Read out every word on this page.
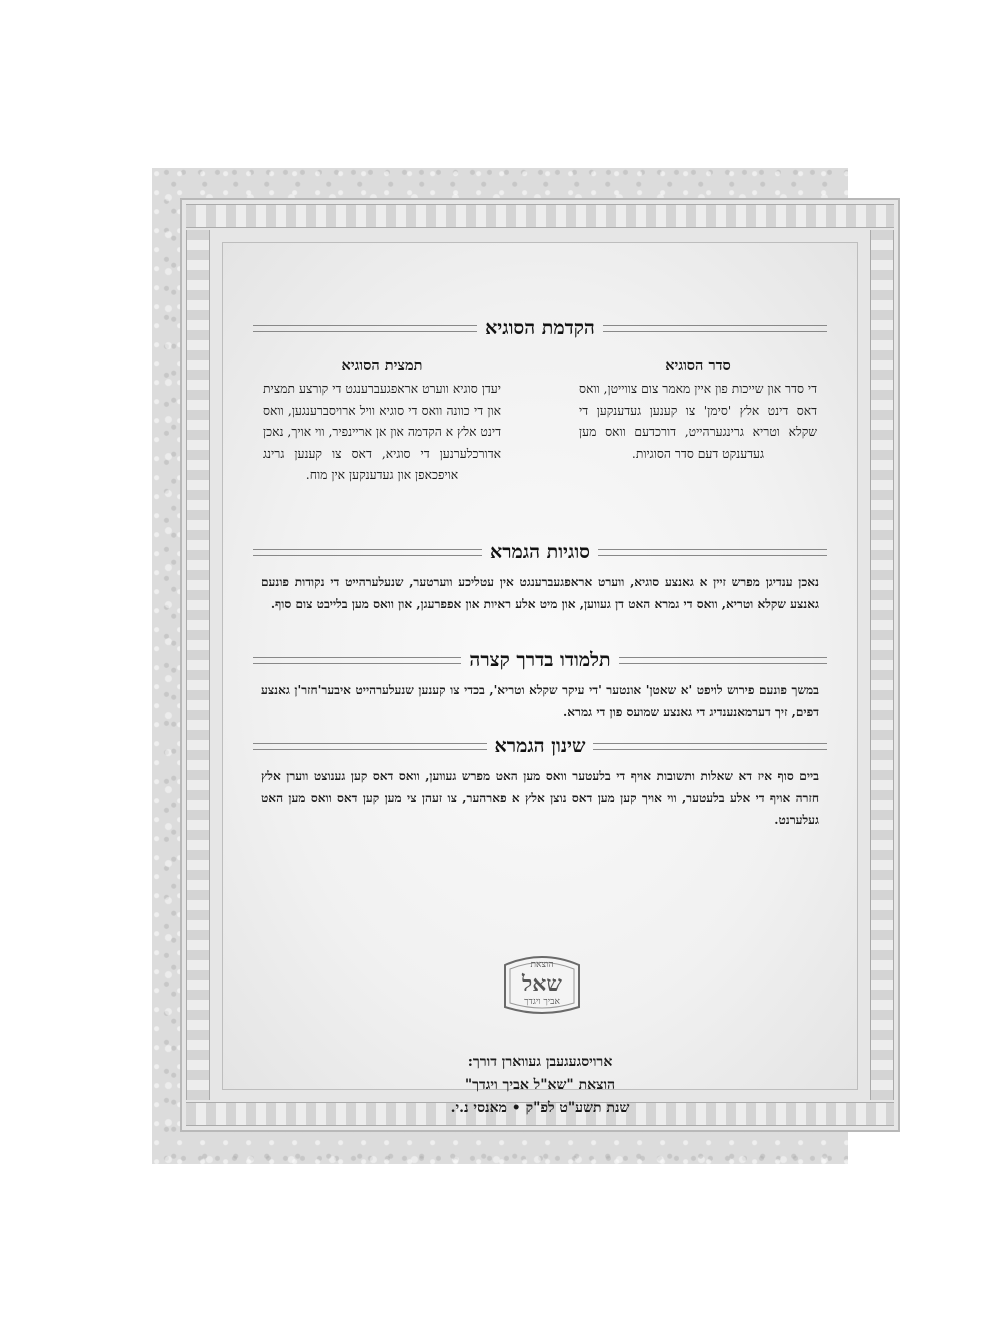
הקדמת הסוגיא
סדר הסוגיא

די סדר און שייכות פון איין מאמר צום צווייטן, וואס דאס דינט אלץ 'סימן' צו קענען געדענקען די שקלא וטריא גרינגערהייט, דורכדעם וואס מען געדענקט דעם סדר הסוגיות.

תמצית הסוגיא

יעדן סוגיא ווערט אראפגעברענגט די קורצע תמצית און די כוונה וואס די סוגיא וויל ארויסברענגען, וואס דינט אלץ א הקדמה און אן אריינפיר, ווי אויך, נאכן אדורכלערנען די סוגיא, דאס צו קענען גרינג אויפכאפן און געדענקען אין מוח.

סוגיות הגמרא

נאכן ענדיגן מפרש זיין א גאנצע סוגיא, ווערט אראפגעברענגט אין עטליכע ווערטער, שנעלערהייט די נקודות פונעם גאנצע שקלא וטריא, וואס די גמרא האט דן געווען, און מיט אלע ראיות און אפפרעגן, און וואס מען בלייבט צום סוף.

תלמודו בדרך קצרה

במשך פונעם פירוש לויפט 'א שאטן' אונטער 'די עיקר שקלא וטריא', בכדי צו קענען שנעלערהייט איבער'חזר'ן גאנצע דפים, זיך דערמאנענדיג די גאנצע שמועס פון די גמרא.

שינון הגמרא

ביים סוף איז דא שאלות ותשובות אויף די בלעטער וואס מען האט מפרש געווען, וואס דאס קען גענוצט ווערן אלץ חזרה אויף די אלע בלעטער, ווי אויך קען מען דאס נוצן אלץ א פארהער, צו זעהן צי מען קען דאס וואס מען האט געלערנט.

הוצאת
שאל
אביך ויגדך
ארויסגעגעבן געווארן דורך:
הוצאת "שא"ל אביך ויגדך"
שנת תשע"ט לפ"ק • מאנסי נ.י.
